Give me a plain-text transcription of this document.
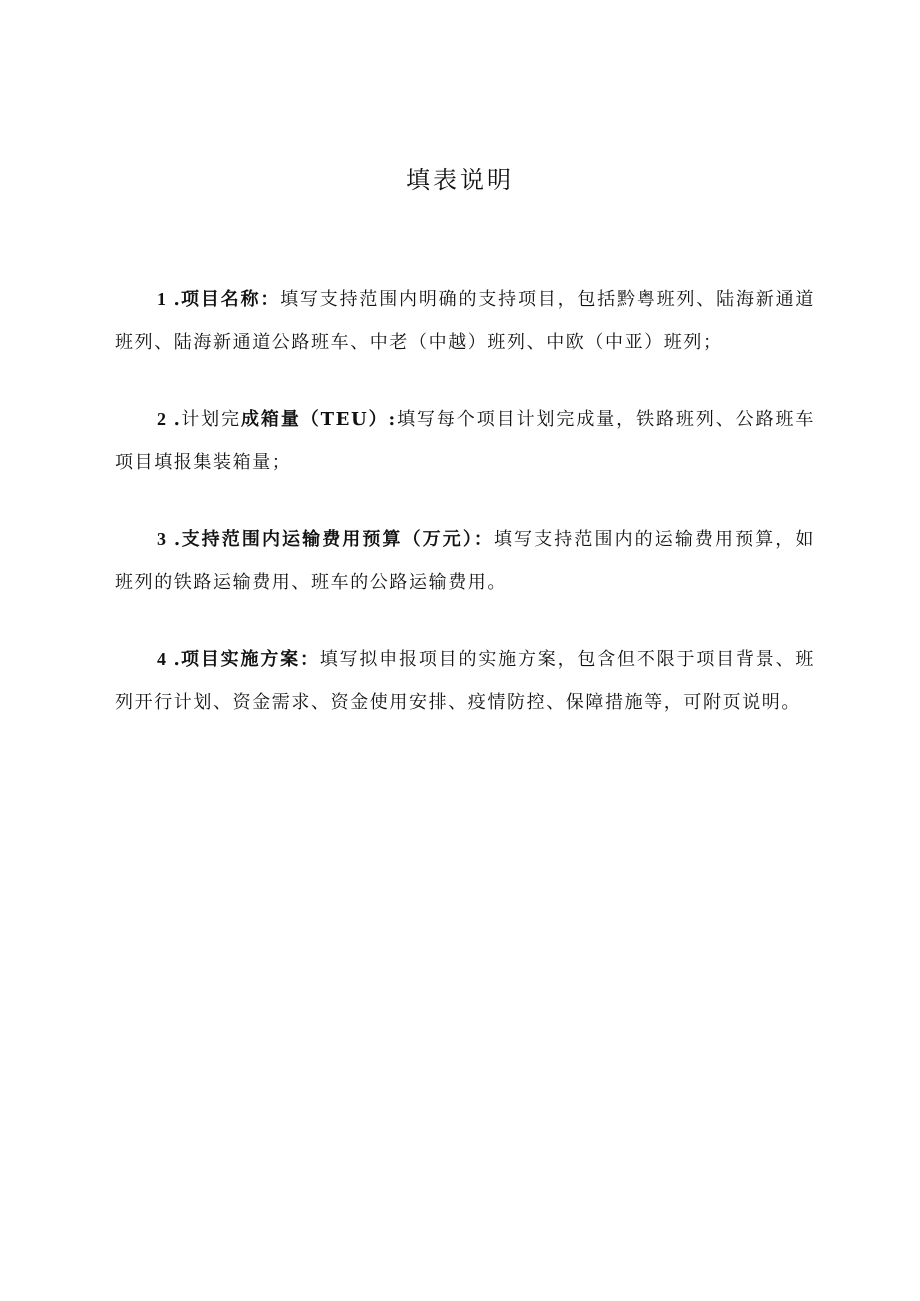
填表说明

1 .项目名称：填写支持范围内明确的支持项目，包括黔粤班列、陆海新通道班列、陆海新通道公路班车、中老（中越）班列、中欧（中亚）班列；

2 .计划完成箱量（TEU）:填写每个项目计划完成量，铁路班列、公路班车项目填报集装箱量；

3 .支持范围内运输费用预算（万元）：填写支持范围内的运输费用预算，如班列的铁路运输费用、班车的公路运输费用。

4 .项目实施方案：填写拟申报项目的实施方案，包含但不限于项目背景、班列开行计划、资金需求、资金使用安排、疫情防控、保障措施等，可附页说明。
